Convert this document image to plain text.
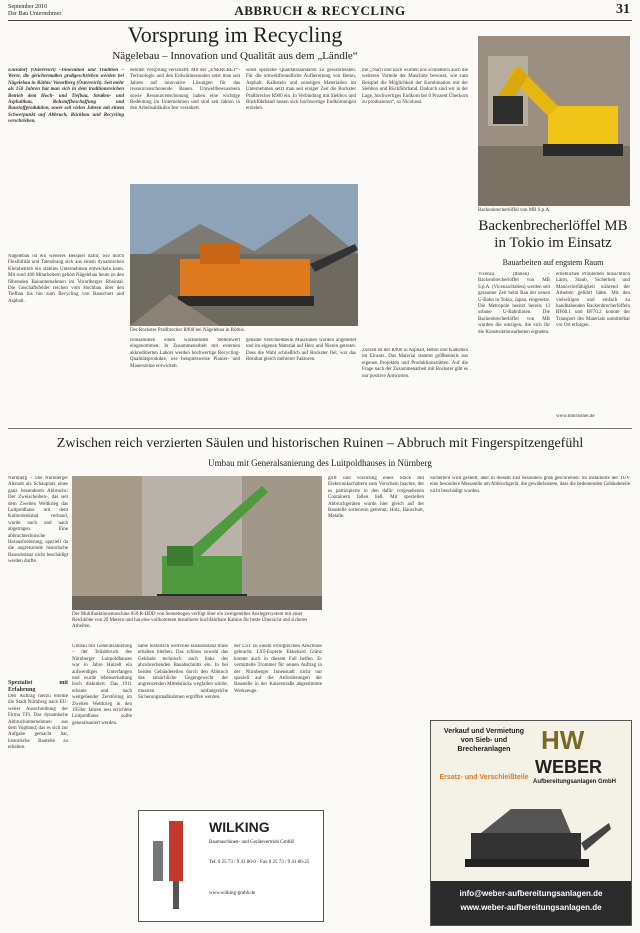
September 2010
Der Bau Unternehmer	ABBRUCH & RECYCLING	31
Vorsprung im Recycling
Nägelebau – Innovation und Qualität aus dem „Ländle“
Ennsdorf (Österreich) –Innovation und Tradition – Werte, die gleichermaßen großgeschrieben werden bei Nägelebau in Röthis/ Vorarlberg (Österreich). Seit mehr als 150 Jahren hat man sich in dem traditionsreichen Betrieb dem Hoch- und Tiefbau, Straßen- und Asphaltbau, Rohstoffbeschaffung und Baustoffproduktion, sowie seit vielen Jahren mit einem Schwerpunkt auf Abbruch, Rückbau und Recycling verschrieben.
Nägelebau ist ein weiteres Beispiel dafür, wie durch Flexibilität und Tatendrang sich aus einem dynamischen Kleinbetrieb ein stabiles Unternehmen entwickeln kann. Mit rund 400 Mitarbeitern gehört Nägelebau heute zu den führenden Bauunternehmen im Vorarlberger Rheintal. Die Geschäftsfelder reichen vom Hochbau über den Tiefbau bis hin zum Recycling von Bauschutt und Asphalt.
denden Vorsprung verschafft. Mit der „ENERCRET“-Technologie und den Erdwärmesonden setzt man seit Jahren auf innovative Lösungen für das ressourcenschonende Bauen. Umweltbewusstsein sowie Ressourcenschonung haben eine wichtige Bedeutung im Unternehmen und sind seit Jahren in den Arbeitsabläufen fest verankert.
sonst spezielle Qualitätsstandards zu gewährleisten. Für die umweltfreundliche Aufbereitung von Beton, Asphalt, Kalkstein und sonstigen Materialien im Unternehmen setzt man seit einiger Zeit die Rockster Prallbrecher R900 ein. In Verbindung mit Siebbox und Rückführband lassen sich hochwertige Endkörnungen erzielen.
mit „Nach und nach wurden uns schließlich auch die weiteren Vorteile der Maschine bewusst, wie zum Beispiel die Möglichkeit der Kombination mit der Siebbox und Rückführband. Dadurch sind wir in der Lage, hochwertiges Endkorn bei 0 Prozent Überkorn zu produzieren“, so Nicolussi.
Der Rockster Prallbrecher R900 bei Nägelebau in Röthis.
Ironsahlillen einen wachsenden Stellenwert eingenommen. In Zusammenarbeit mit externen akkreditierten Labors werden hochwertige Recycling-Qualitätsprodukte, wie beispielsweise Planier- und Mauersteine entwickelt.
gebaute Verschleißteile Maschinen wurden angetestet und im eigenen Material auf Herz und Nieren getestet. Dass die Wahl schließlich auf Rockster fiel, war das Resultat gleich mehrerer Faktoren.
Zurzeit ist der R900 in Asphalt, Beton und Kalkstein im Einsatz. Das Material stammt größtenteils aus eigenen Projekten und Produktionsstätten. Auf die Frage nach der Zusammenarbeit mit Rockster gibt es nur positive Antworten.
Backenbrecherlöffel von MB S.p.A.
Backenbrecherlöffel MB in Tokio im Einsatz
Bauarbeiten auf engstem Raum
Vicenza (Italien) – Backenbrecherlöffel von MB S.p.A. (Vicenza/Italien) werden seit geraumer Zeit beim Bau der neuen U-Bahn in Tokio, Japan, eingesetzt. Die Metropole besitzt bereits 13 urbane U-Bahnlinien. Die Backenbrecherlöffel von MB wurden die einzigen, die sich für die Konstruktionsarbeiten eigneten.
erheblichen Problemen hinsichtlich Lärm, Staub, Sicherheit und Manövrierfähigkeit während der Arbeiten geführt hätte. Mit den vielseitigen und einfach zu handhabenden Backenbrecherlöffeln BF60.1 und BF70.2 konnte der Transport des Materials unmittelbar vor Ort erfolgen.
www.mbcrusher.de
Zwischen reich verzierten Säulen und historischen Ruinen – Abbruch mit Fingerspitzengefühl
Umbau mit Generalsanierung des Luitpoldhauses in Nürnberg
Nürnberg – Die Nürnberger Altstadt als Schauplatz eines ganz besonderen Abbruchs: Der Zweischeiben-, das seit dem Zweiten Weltkrieg das Luitpoldhaus mit dem Kulturdenkmal verband, wurde nach und nach abgetragen. Eine abbruchtechnische Herausforderung, speziell da die angrenzende historische Bausubstanz nicht beschädigt werden durfte.
Der Multifunktionsmaschine 850 R-HDD von Sennebogen verfügt über ein zweigeteiltes Auslegersystem mit einer Reichhöhe von 20 Metern und hat eine vollkommen installierte hochfahrbare Kabine für beste Übersicht und sicheres Arbeiten.
Spezialist mit Erfahrung
Den Auftrag hierzu erteilte die Stadt Nürnberg nach EU-weiter Ausschreibung der Firma TFI. Das dynamische Abbruchunternehmen aus dem Vogtland, das es sich zur Aufgabe gemacht hat, historische Bauteile zu erhalten.
Umbau mit Generalsanierung – der Teilabbruch des Nürnberger Luitpoldhauses war in Jahre Hinzelt ein aufwendiges Unterfangen und wurde lebenserhaltung hoch diskutiert. Das 1911 erbaute und nach weitgehender Zerstörung im Zweiten Weltkrieg in den 1950er Jahren neu errichtete Luitpoldhaus sollte generalsaniert werden.
same historisch wertvolle Bausubstanz muss erhalten bleiben. Das schloss sowohl das Gebäude technisch auch links des abzubrechenden Bauabschnitts ein. In bei beiden Gebäudeteilen durch den Abbruch das tatsächliche Gegengewicht der angrenzenden Mittelstücks wegfallen würde, mussten umfangreiche Sicherungsmaßnahmen ergriffen werden.
der LST zu einem erfolgreichen Abschluss gebracht. LST-Experte Ekkehard Gränz konnte auch in diesem Fall helfen. Er vermittelte Trommer für seinen Auftrag in der Nürnberger Innenstadt nicht nur speziell auf die Anforderungen der Baustelle in der Kaiserstraße abgestimmte Werkzeuge.
griff und vorsichtig eines Stück mit Elektronikschaltern zum Vorschein brachte, der es partizipierte in den dafür vorgesehenen Containern fallen ließ. Mit speziellen Abbruchgeräten wurde hier gleich auf der Baustelle sortenrein getrennt: Holz, Bauschutt, Metalle.
Sicherheit wird gestellt, aber in diesem Fall besonders groß geschrieben: So installierte der TÜV eine besondere Messstelle am Abbruchgerät, die gewährleistete, dass die bedeutenden Gebäudeteile nicht beschädigt wurden.
WILKING
Baumaschinen- und Gerätevertrieb GmbH
Tel. 0 25 73 / 9 41 86-0 · Fax 0 25 73 / 9 41 86-25
www.wilking-gmbh.de
Verkauf und Vermietung von Sieb- und Brecheranlagen
Ersatz- und Verschleißteile
HW
WEBER
Aufbereitungsanlagen GmbH
info@weber-aufbereitungsanlagen.de
www.weber-aufbereitungsanlagen.de
